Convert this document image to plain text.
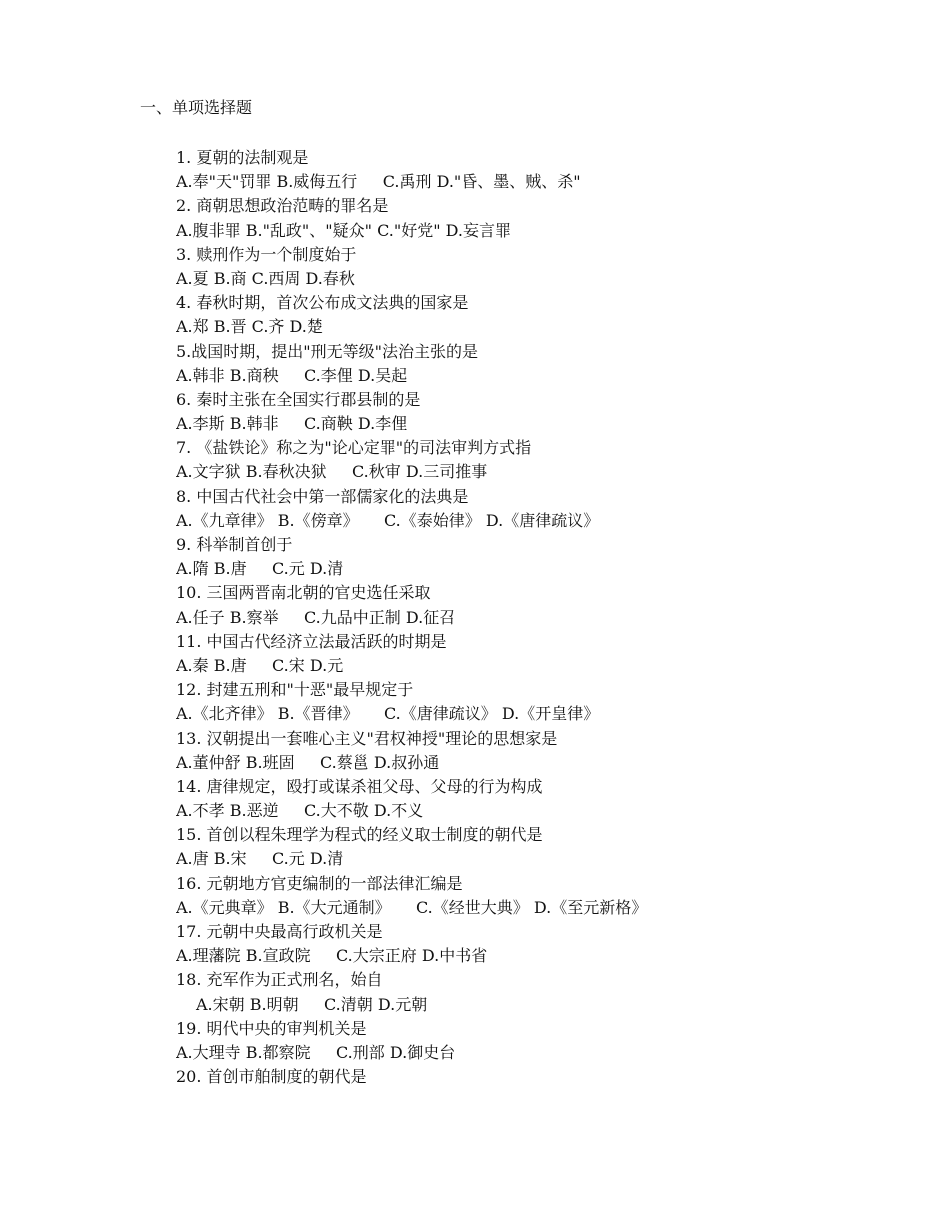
一、单项选择题
1. 夏朝的法制观是
A.奉"天"罚罪 B.威侮五行     C.禹刑 D."昏、墨、贼、杀"
2. 商朝思想政治范畴的罪名是
A.腹非罪 B."乱政"、"疑众" C."好党" D.妄言罪
3. 赎刑作为一个制度始于
A.夏 B.商 C.西周 D.春秋
4. 春秋时期，首次公布成文法典的国家是
A.郑 B.晋 C.齐 D.楚
5.战国时期，提出"刑无等级"法治主张的是
A.韩非 B.商秧     C.李俚 D.吴起
6. 秦时主张在全国实行郡县制的是
A.李斯 B.韩非     C.商鞅 D.李俚
7. 《盐铁论》称之为"论心定罪"的司法审判方式指
A.文字狱 B.春秋决狱     C.秋审 D.三司推事
8. 中国古代社会中第一部儒家化的法典是
A.《九章律》 B.《傍章》     C.《泰始律》 D.《唐律疏议》
9. 科举制首创于
A.隋 B.唐     C.元 D.清
10. 三国两晋南北朝的官史选任采取
A.任子 B.察举     C.九品中正制 D.征召
11. 中国古代经济立法最活跃的时期是
A.秦 B.唐     C.宋 D.元
12. 封建五刑和"十恶"最早规定于
A.《北齐律》 B.《晋律》     C.《唐律疏议》 D.《开皇律》
13. 汉朝提出一套唯心主义"君权神授"理论的思想家是
A.董仲舒 B.班固     C.蔡邕 D.叔孙通
14. 唐律规定，殴打或谋杀祖父母、父母的行为构成
A.不孝 B.恶逆     C.大不敬 D.不义
15. 首创以程朱理学为程式的经义取士制度的朝代是
A.唐 B.宋     C.元 D.清
16. 元朝地方官吏编制的一部法律汇编是
A.《元典章》 B.《大元通制》     C.《经世大典》 D.《至元新格》
17. 元朝中央最高行政机关是
A.理藩院 B.宣政院     C.大宗正府 D.中书省
18. 充军作为正式刑名，始自
A.宋朝 B.明朝     C.清朝 D.元朝
19. 明代中央的审判机关是
A.大理寺 B.都察院     C.刑部 D.御史台
20. 首创市舶制度的朝代是
